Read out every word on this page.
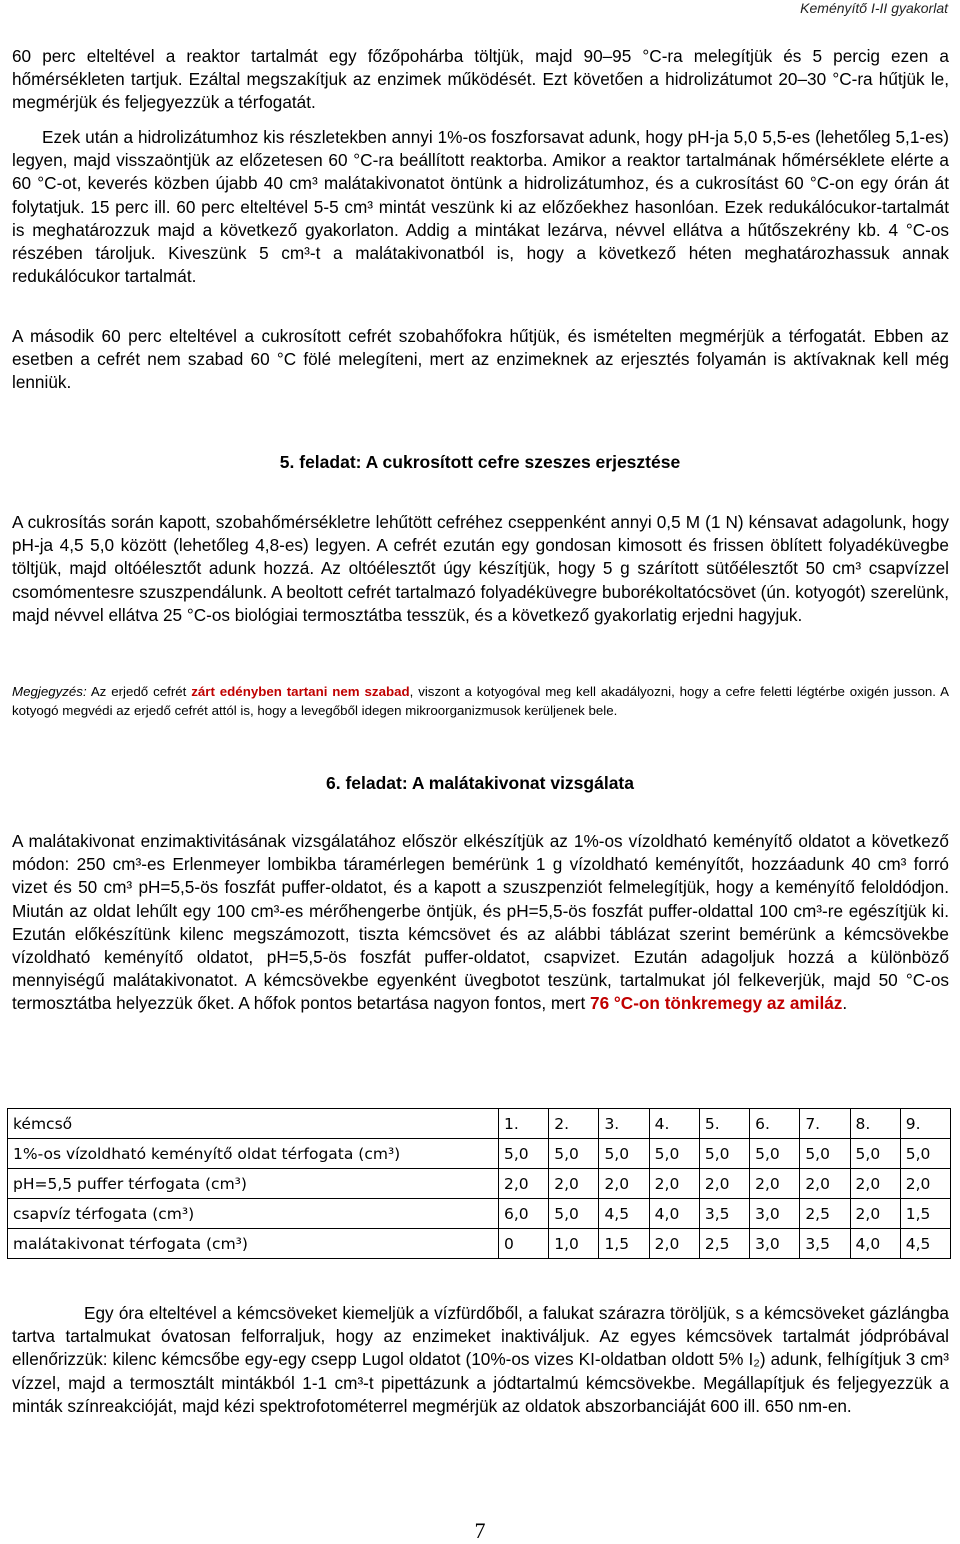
Keményítő I-II gyakorlat

60 perc elteltével a reaktor tartalmát egy főzőpohárba töltjük, majd 90–95 °C-ra melegítjük és 5 percig ezen a hőmérsékleten tartjuk. Ezáltal megszakítjuk az enzimek működését. Ezt követően a hidrolizátumot 20–30 °C-ra hűtjük le, megmérjük és feljegyezzük a térfogatát.

Ezek után a hidrolizátumhoz kis részletekben annyi 1%-os foszforsavat adunk, hogy pH-ja 5,0 5,5-es (lehetőleg 5,1-es) legyen, majd visszaöntjük az előzetesen 60 °C-ra beállított reaktorba. Amikor a reaktor tartalmának hőmérséklete elérte a 60 °C-ot, keverés közben újabb 40 cm³ malátakivonatot öntünk a hidrolizátumhoz, és a cukrosítást 60 °C-on egy órán át folytatjuk. 15 perc ill. 60 perc elteltével 5-5 cm³ mintát veszünk ki az előzőekhez hasonlóan. Ezek redukálócukor-tartalmát is meghatározzuk majd a következő gyakorlaton. Addig a mintákat lezárva, névvel ellátva a hűtőszekrény kb. 4 °C-os részében tároljuk. Kiveszünk 5 cm³-t a malátakivonatból is, hogy a következő héten meghatározhassuk annak redukálócukor tartalmát.

A második 60 perc elteltével a cukrosított cefrét szobahőfokra hűtjük, és ismételten megmérjük a térfogatát. Ebben az esetben a cefrét nem szabad 60 °C fölé melegíteni, mert az enzimeknek az erjesztés folyamán is aktívaknak kell még lenniük.

5. feladat: A cukrosított cefre szeszes erjesztése

A cukrosítás során kapott, szobahőmérsékletre lehűtött cefréhez cseppenként annyi 0,5 M (1 N) kénsavat adagolunk, hogy pH-ja 4,5 5,0 között (lehetőleg 4,8-es) legyen. A cefrét ezután egy gondosan kimosott és frissen öblített folyadéküvegbe töltjük, majd oltóélesztőt adunk hozzá. Az oltóélesztőt úgy készítjük, hogy 5 g szárított sütőélesztőt 50 cm³ csapvízzel csomómentesre szuszpendálunk. A beoltott cefrét tartalmazó folyadéküvegre buborékoltatócsövet (ún. kotyogót) szerelünk, majd névvel ellátva 25 °C-os biológiai termosztátba tesszük, és a következő gyakorlatig erjedni hagyjuk.

Megjegyzés: Az erjedő cefrét zárt edényben tartani nem szabad, viszont a kotyogóval meg kell akadályozni, hogy a cefre feletti légtérbe oxigén jusson. A kotyogó megvédi az erjedő cefrét attól is, hogy a levegőből idegen mikroorganizmusok kerüljenek bele.

6. feladat: A malátakivonat vizsgálata

A malátakivonat enzimaktivitásának vizsgálatához először elkészítjük az 1%-os vízoldható keményítő oldatot a következő módon: 250 cm³-es Erlenmeyer lombikba táramérlegen bemérünk 1 g vízoldható keményítőt, hozzáadunk 40 cm³ forró vizet és 50 cm³ pH=5,5-ös foszfát puffer-oldatot, és a kapott a szuszpenziót felmelegítjük, hogy a keményítő feloldódjon. Miután az oldat lehűlt egy 100 cm³-es mérőhengerbe öntjük, és pH=5,5-ös foszfát puffer-oldattal 100 cm³-re egészítjük ki. Ezután előkészítünk kilenc megszámozott, tiszta kémcsövet és az alábbi táblázat szerint bemérünk a kémcsövekbe vízoldható keményítő oldatot, pH=5,5-ös foszfát puffer-oldatot, csapvizet. Ezután adagoljuk hozzá a különböző mennyiségű malátakivonatot. A kémcsövekbe egyenként üvegbotot teszünk, tartalmukat jól felkeverjük, majd 50 °C-os termosztátba helyezzük őket. A hőfok pontos betartása nagyon fontos, mert 76 °C-on tönkremegy az amiláz.

kémcső	1.	2.	3.	4.	5.	6.	7.	8.	9.
1%-os vízoldható keményítő oldat térfogata (cm³)	5,0	5,0	5,0	5,0	5,0	5,0	5,0	5,0	5,0
pH=5,5 puffer térfogata (cm³)	2,0	2,0	2,0	2,0	2,0	2,0	2,0	2,0	2,0
csapvíz térfogata (cm³)	6,0	5,0	4,5	4,0	3,5	3,0	2,5	2,0	1,5
malátakivonat térfogata (cm³)	0	1,0	1,5	2,0	2,5	3,0	3,5	4,0	4,5

Egy óra elteltével a kémcsöveket kiemeljük a vízfürdőből, a falukat szárazra töröljük, s a kémcsöveket gázlángba tartva tartalmukat óvatosan felforraljuk, hogy az enzimeket inaktiváljuk. Az egyes kémcsövek tartalmát jódpróbával ellenőrizzük: kilenc kémcsőbe egy-egy csepp Lugol oldatot (10%-os vizes KI-oldatban oldott 5% I₂) adunk, felhígítjuk 3 cm³ vízzel, majd a termosztált mintákból 1-1 cm³-t pipettázunk a jódtartalmú kémcsövekbe. Megállapítjuk és feljegyezzük a minták színreakcióját, majd kézi spektrofotométerrel megmérjük az oldatok abszorbanciáját 600 ill. 650 nm-en.

7
